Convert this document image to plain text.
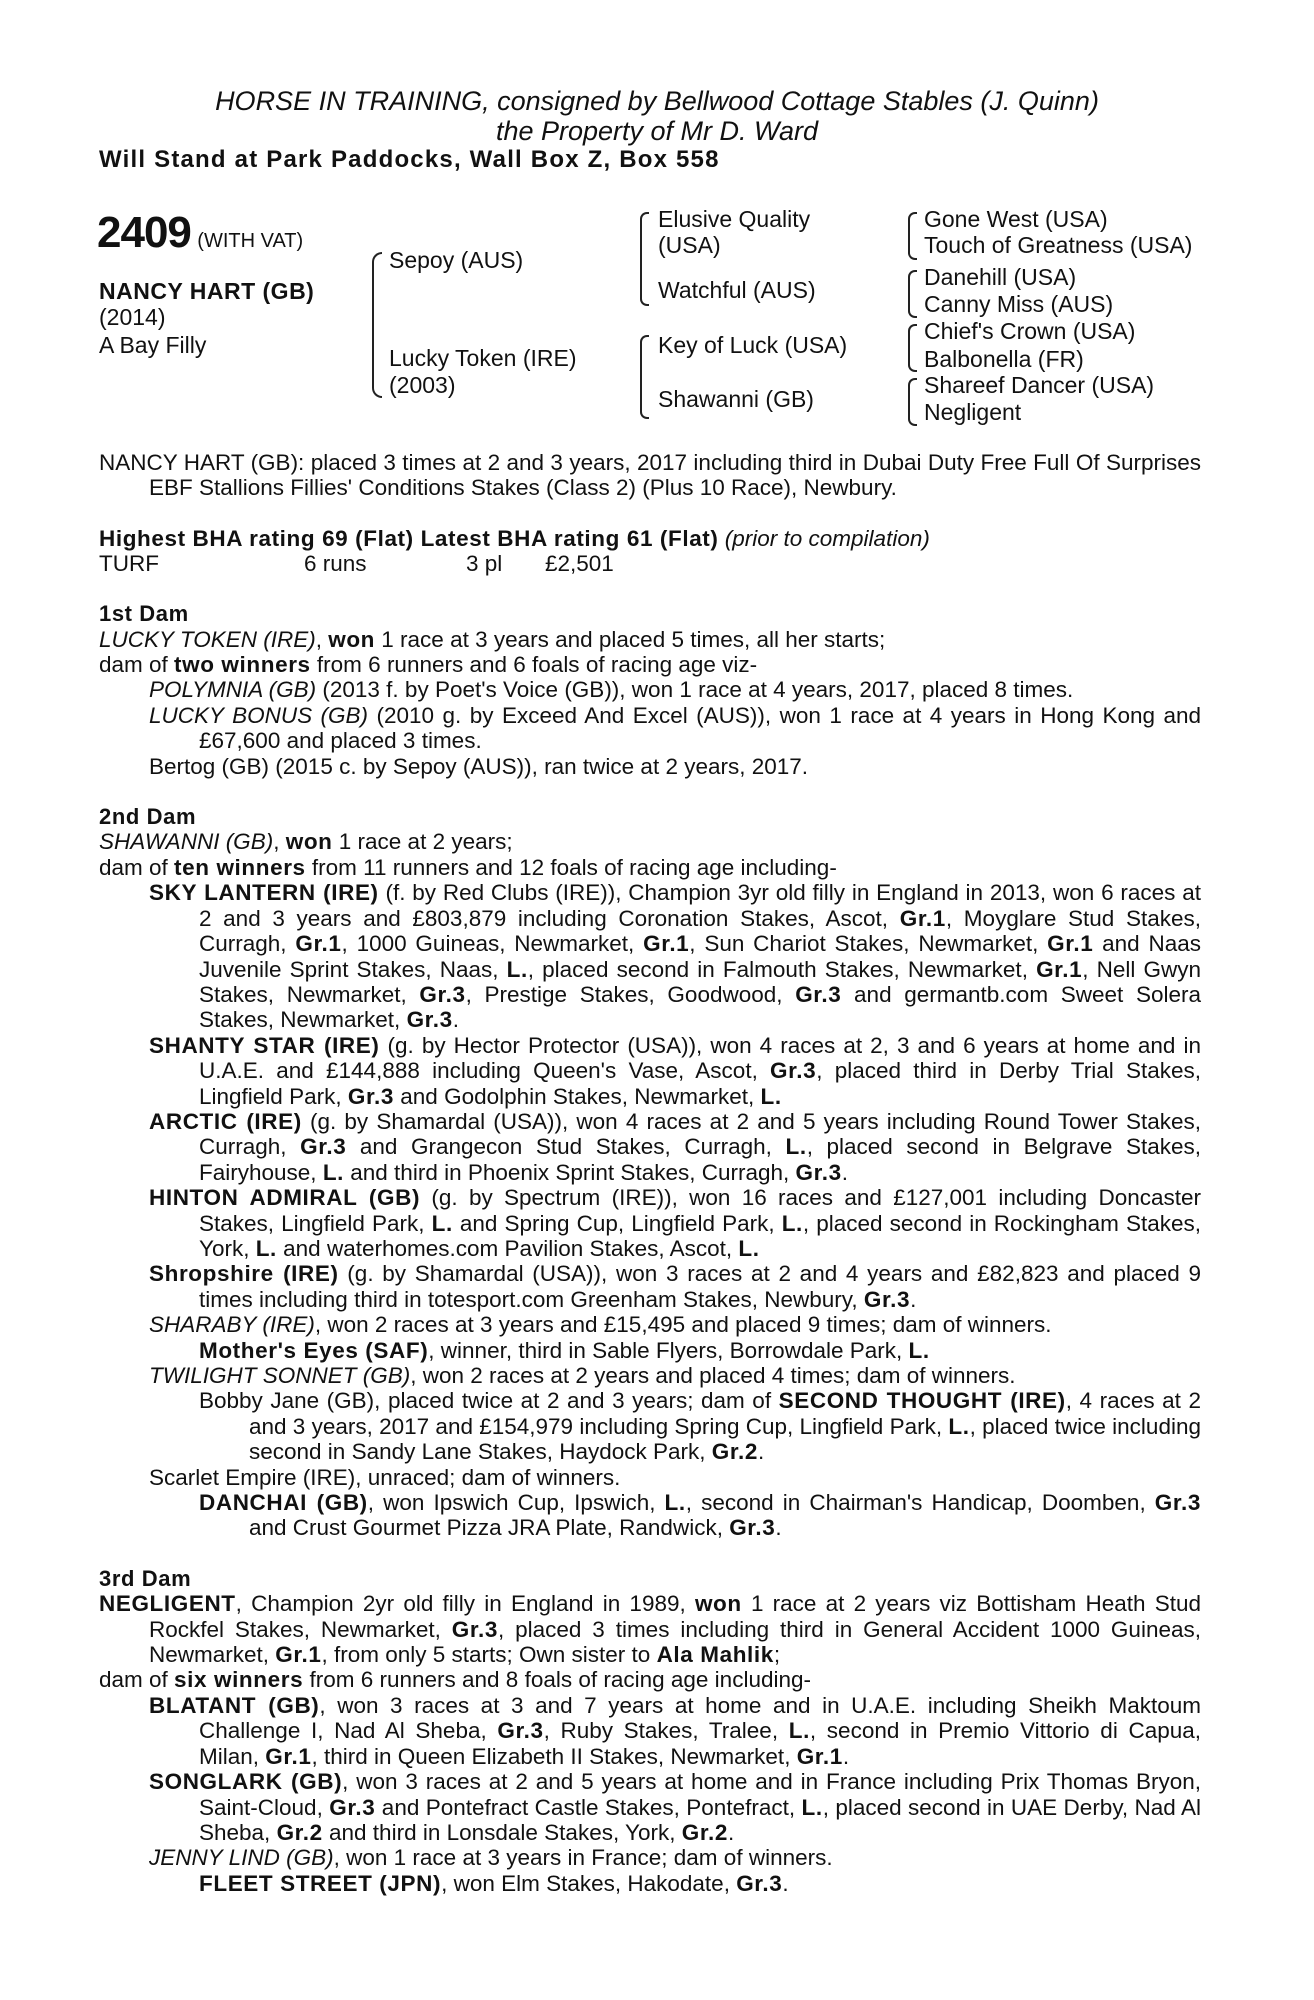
HORSE IN TRAINING, consigned by Bellwood Cottage Stables (J. Quinn)
the Property of Mr D. Ward
Will Stand at Park Paddocks, Wall Box Z, Box 558
2409 (WITH VAT)
NANCY HART (GB)
(2014)
A Bay Filly
Sepoy (AUS)
Lucky Token (IRE)
(2003)
Elusive Quality
(USA)
Watchful (AUS)
Key of Luck (USA)
Shawanni (GB)
Gone West (USA)
Touch of Greatness (USA)
Danehill (USA)
Canny Miss (AUS)
Chief's Crown (USA)
Balbonella (FR)
Shareef Dancer (USA)
Negligent
NANCY HART (GB): placed 3 times at 2 and 3 years, 2017 including third in Dubai Duty Free Full Of Surprises EBF Stallions Fillies' Conditions Stakes (Class 2) (Plus 10 Race), Newbury.
Highest BHA rating 69 (Flat) Latest BHA rating 61 (Flat) (prior to compilation)
TURF	6 runs	3 pl £2,501
1st Dam
LUCKY TOKEN (IRE), won 1 race at 3 years and placed 5 times, all her starts;
dam of two winners from 6 runners and 6 foals of racing age viz-
POLYMNIA (GB) (2013 f. by Poet's Voice (GB)), won 1 race at 4 years, 2017, placed 8 times.
LUCKY BONUS (GB) (2010 g. by Exceed And Excel (AUS)), won 1 race at 4 years in Hong Kong and £67,600 and placed 3 times.
Bertog (GB) (2015 c. by Sepoy (AUS)), ran twice at 2 years, 2017.
2nd Dam
SHAWANNI (GB), won 1 race at 2 years;
dam of ten winners from 11 runners and 12 foals of racing age including-
SKY LANTERN (IRE) (f. by Red Clubs (IRE)), Champion 3yr old filly in England in 2013, won 6 races at 2 and 3 years and £803,879 including Coronation Stakes, Ascot, Gr.1, Moyglare Stud Stakes, Curragh, Gr.1, 1000 Guineas, Newmarket, Gr.1, Sun Chariot Stakes, Newmarket, Gr.1 and Naas Juvenile Sprint Stakes, Naas, L., placed second in Falmouth Stakes, Newmarket, Gr.1, Nell Gwyn Stakes, Newmarket, Gr.3, Prestige Stakes, Goodwood, Gr.3 and germantb.com Sweet Solera Stakes, Newmarket, Gr.3.
SHANTY STAR (IRE) (g. by Hector Protector (USA)), won 4 races at 2, 3 and 6 years at home and in U.A.E. and £144,888 including Queen's Vase, Ascot, Gr.3, placed third in Derby Trial Stakes, Lingfield Park, Gr.3 and Godolphin Stakes, Newmarket, L.
ARCTIC (IRE) (g. by Shamardal (USA)), won 4 races at 2 and 5 years including Round Tower Stakes, Curragh, Gr.3 and Grangecon Stud Stakes, Curragh, L., placed second in Belgrave Stakes, Fairyhouse, L. and third in Phoenix Sprint Stakes, Curragh, Gr.3.
HINTON ADMIRAL (GB) (g. by Spectrum (IRE)), won 16 races and £127,001 including Doncaster Stakes, Lingfield Park, L. and Spring Cup, Lingfield Park, L., placed second in Rockingham Stakes, York, L. and waterhomes.com Pavilion Stakes, Ascot, L.
Shropshire (IRE) (g. by Shamardal (USA)), won 3 races at 2 and 4 years and £82,823 and placed 9 times including third in totesport.com Greenham Stakes, Newbury, Gr.3.
SHARABY (IRE), won 2 races at 3 years and £15,495 and placed 9 times; dam of winners.
Mother's Eyes (SAF), winner, third in Sable Flyers, Borrowdale Park, L.
TWILIGHT SONNET (GB), won 2 races at 2 years and placed 4 times; dam of winners.
Bobby Jane (GB), placed twice at 2 and 3 years; dam of SECOND THOUGHT (IRE), 4 races at 2 and 3 years, 2017 and £154,979 including Spring Cup, Lingfield Park, L., placed twice including second in Sandy Lane Stakes, Haydock Park, Gr.2.
Scarlet Empire (IRE), unraced; dam of winners.
DANCHAI (GB), won Ipswich Cup, Ipswich, L., second in Chairman's Handicap, Doomben, Gr.3 and Crust Gourmet Pizza JRA Plate, Randwick, Gr.3.
3rd Dam
NEGLIGENT, Champion 2yr old filly in England in 1989, won 1 race at 2 years viz Bottisham Heath Stud Rockfel Stakes, Newmarket, Gr.3, placed 3 times including third in General Accident 1000 Guineas, Newmarket, Gr.1, from only 5 starts; Own sister to Ala Mahlik;
dam of six winners from 6 runners and 8 foals of racing age including-
BLATANT (GB), won 3 races at 3 and 7 years at home and in U.A.E. including Sheikh Maktoum Challenge I, Nad Al Sheba, Gr.3, Ruby Stakes, Tralee, L., second in Premio Vittorio di Capua, Milan, Gr.1, third in Queen Elizabeth II Stakes, Newmarket, Gr.1.
SONGLARK (GB), won 3 races at 2 and 5 years at home and in France including Prix Thomas Bryon, Saint-Cloud, Gr.3 and Pontefract Castle Stakes, Pontefract, L., placed second in UAE Derby, Nad Al Sheba, Gr.2 and third in Lonsdale Stakes, York, Gr.2.
JENNY LIND (GB), won 1 race at 3 years in France; dam of winners.
FLEET STREET (JPN), won Elm Stakes, Hakodate, Gr.3.
